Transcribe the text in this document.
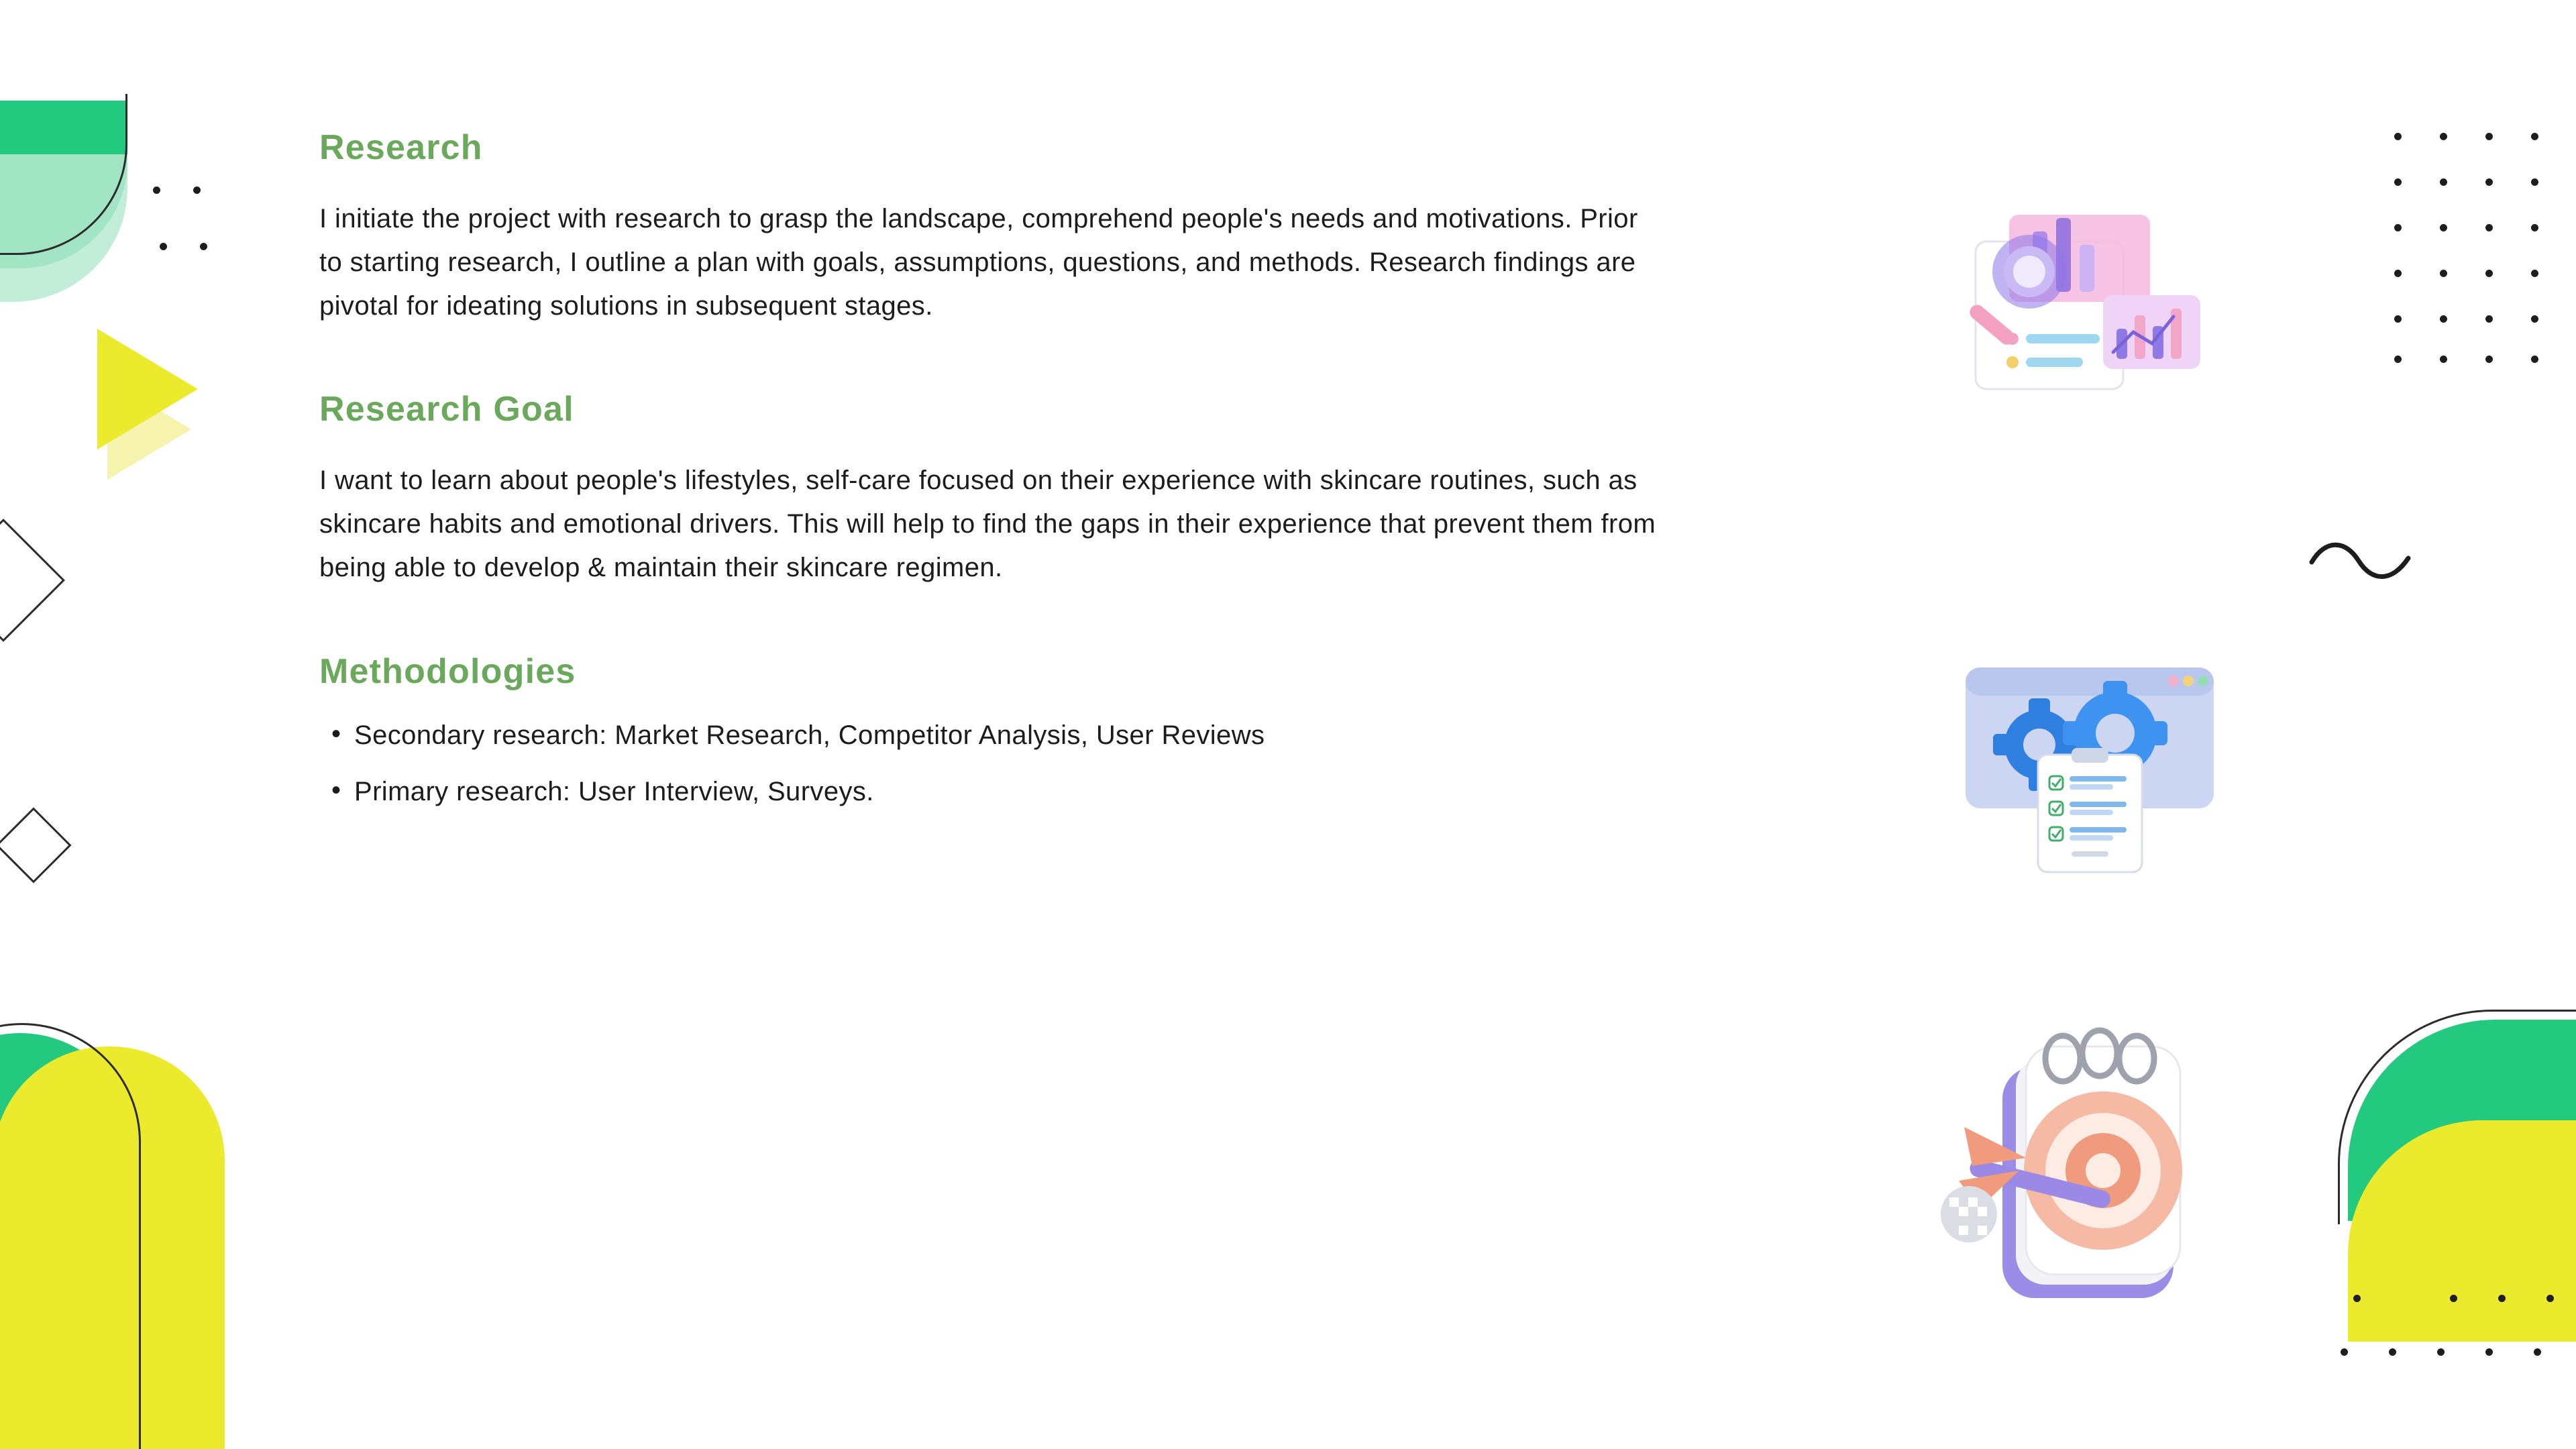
Research

I initiate the project with research to grasp the landscape, comprehend people's needs and motivations. Prior to starting research, I outline a plan with goals, assumptions, questions, and methods. Research findings are pivotal for ideating solutions in subsequent stages.

Research Goal

I want to learn about people's lifestyles, self-care focused on their experience with skincare routines, such as skincare habits and emotional drivers. This will help to find the gaps in their experience that prevent them from being able to develop & maintain their skincare regimen.

Methodologies
• Secondary research: Market Research, Competitor Analysis, User Reviews
• Primary research: User Interview, Surveys.
